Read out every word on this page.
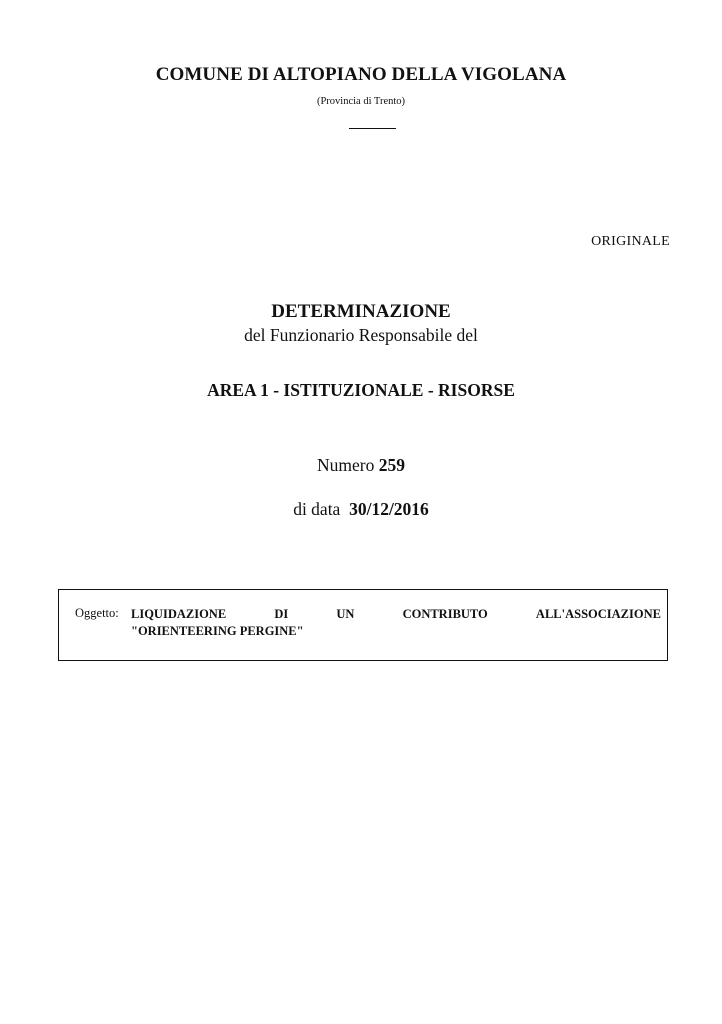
COMUNE DI ALTOPIANO DELLA VIGOLANA
(Provincia di Trento)
ORIGINALE
DETERMINAZIONE
del Funzionario Responsabile del
AREA 1 - ISTITUZIONALE - RISORSE
Numero 259
di data 30/12/2016
Oggetto: LIQUIDAZIONE	DI	UN	CONTRIBUTO	ALL'ASSOCIAZIONE
"ORIENTEERING PERGINE"
